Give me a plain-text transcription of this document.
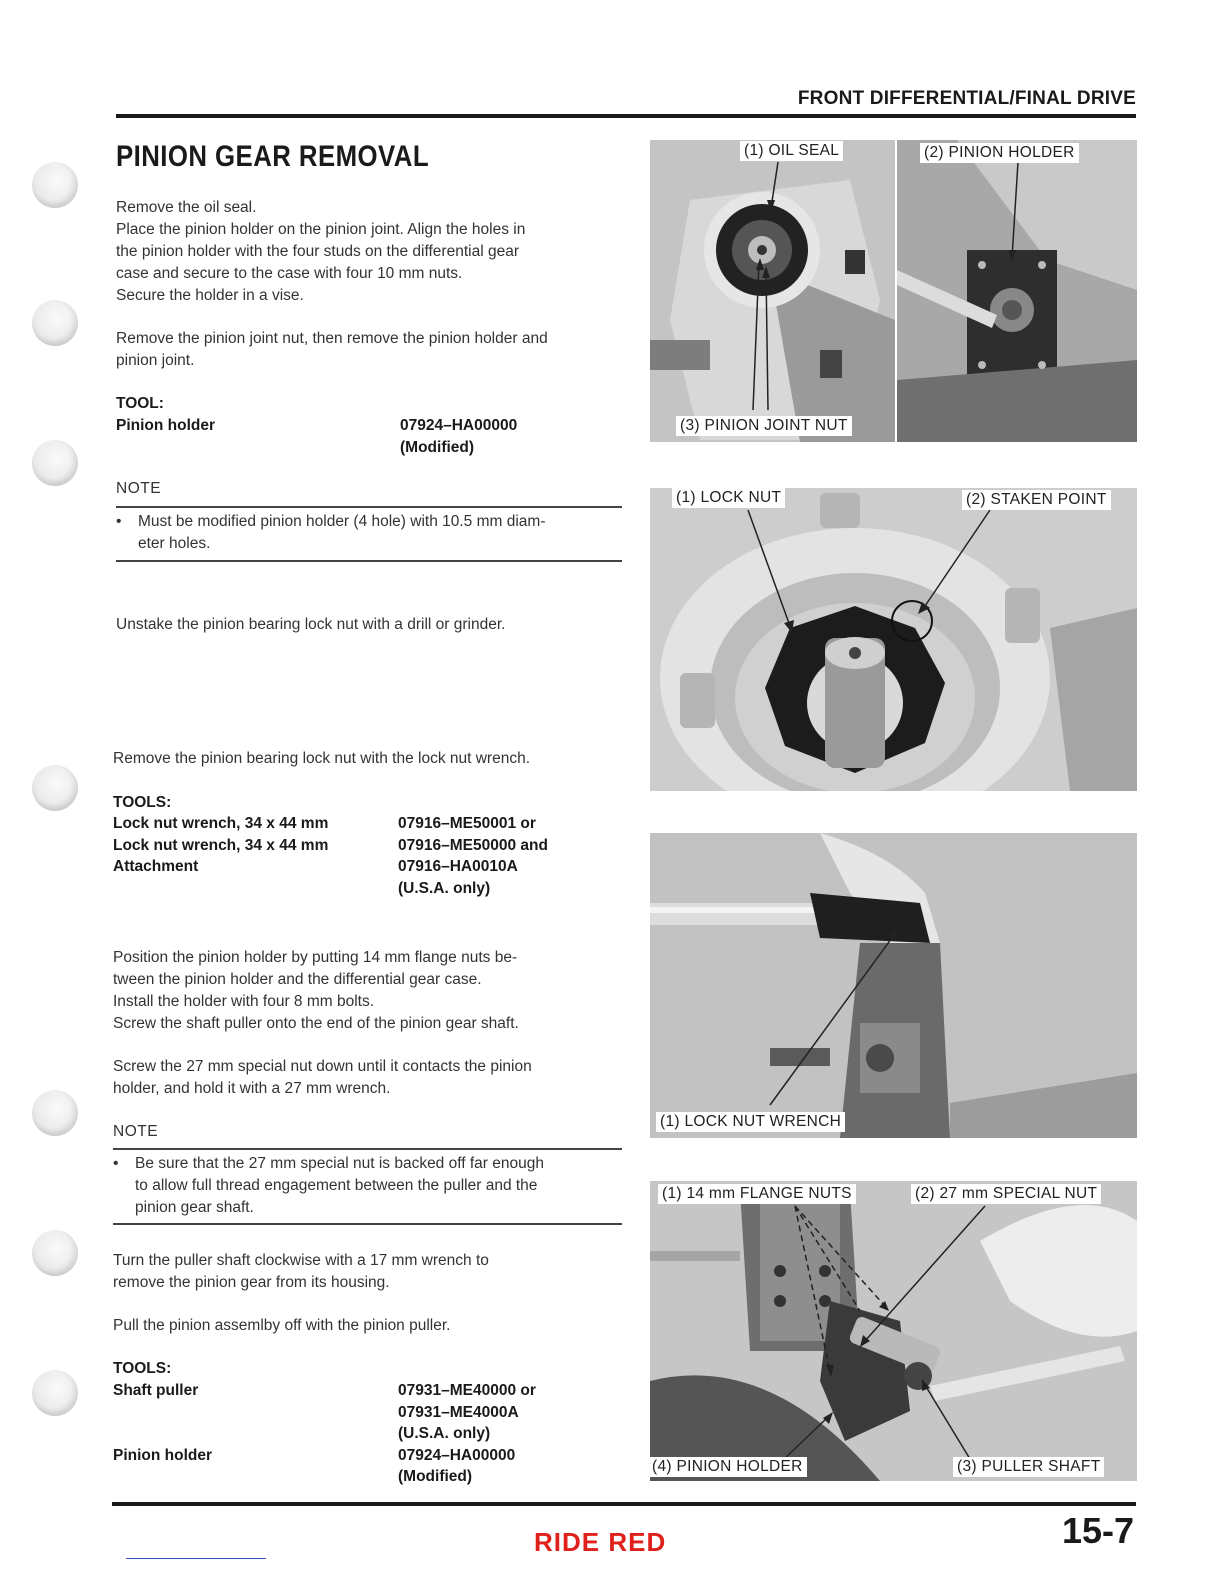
FRONT DIFFERENTIAL/FINAL DRIVE
PINION GEAR REMOVAL
Remove the oil seal.
Place the pinion holder on the pinion joint. Align the holes in
the pinion holder with the four studs on the differential gear
case and secure to the case with four 10 mm nuts.
Secure the holder in a vise.
Remove the pinion joint nut, then remove the pinion holder and
pinion joint.
TOOL:
Pinion holder	07924–HA00000
(Modified)
NOTE
• Must be modified pinion holder (4 hole) with 10.5 mm diam-
eter holes.
Unstake the pinion bearing lock nut with a drill or grinder.
Remove the pinion bearing lock nut with the lock nut wrench.
TOOLS:
Lock nut wrench, 34 x 44 mm	07916–ME50001 or
Lock nut wrench, 34 x 44 mm	07916–ME50000 and
Attachment	07916–HA0010A
(U.S.A. only)
Position the pinion holder by putting 14 mm flange nuts be-
tween the pinion holder and the differential gear case.
Install the holder with four 8 mm bolts.
Screw the shaft puller onto the end of the pinion gear shaft.
Screw the 27 mm special nut down until it contacts the pinion
holder, and hold it with a 27 mm wrench.
NOTE
• Be sure that the 27 mm special nut is backed off far enough
to allow full thread engagement between the puller and the
pinion gear shaft.
Turn the puller shaft clockwise with a 17 mm wrench to
remove the pinion gear from its housing.
Pull the pinion assemlby off with the pinion puller.
TOOLS:
Shaft puller	07931–ME40000 or
07931–ME4000A
(U.S.A. only)
Pinion holder	07924–HA00000
(Modified)
(1) OIL SEAL	(2) PINION HOLDER
(3) PINION JOINT NUT
(1) LOCK NUT	(2) STAKEN POINT
(1) LOCK NUT WRENCH
(1) 14 mm FLANGE NUTS	(2) 27 mm SPECIAL NUT
(3) PULLER SHAFT
(4) PINION HOLDER
RIDE RED	15-7
